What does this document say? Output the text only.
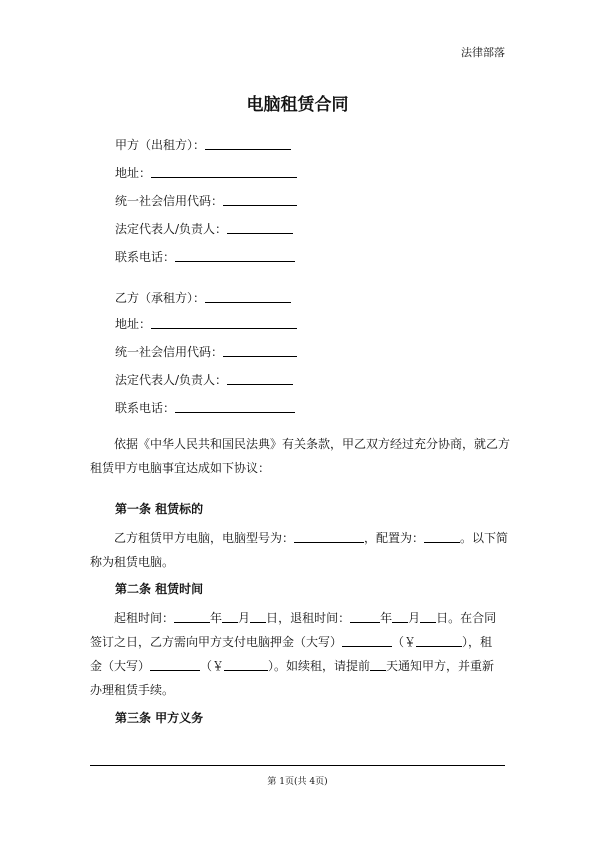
法律部落
电脑租赁合同
甲方（出租方）：
地址：
统一社会信用代码：
法定代表人/负责人：
联系电话：
乙方（承租方）：
地址：
统一社会信用代码：
法定代表人/负责人：
联系电话：
依据《中华人民共和国民法典》有关条款，甲乙双方经过充分协商，就乙方
租赁甲方电脑事宜达成如下协议：
第一条 租赁标的
乙方租赁甲方电脑，电脑型号为：	，配置为：	。以下简
称为租赁电脑。
第二条 租赁时间
起租时间：	年 月 日，退租时间：	年 月 日。在合同
签订之日，乙方需向甲方支付电脑押金（大写）	（￥	），租
金（大写）	（￥	）。如续租，请提前 天通知甲方，并重新
办理租赁手续。
第三条 甲方义务
第 1页(共 4页)
